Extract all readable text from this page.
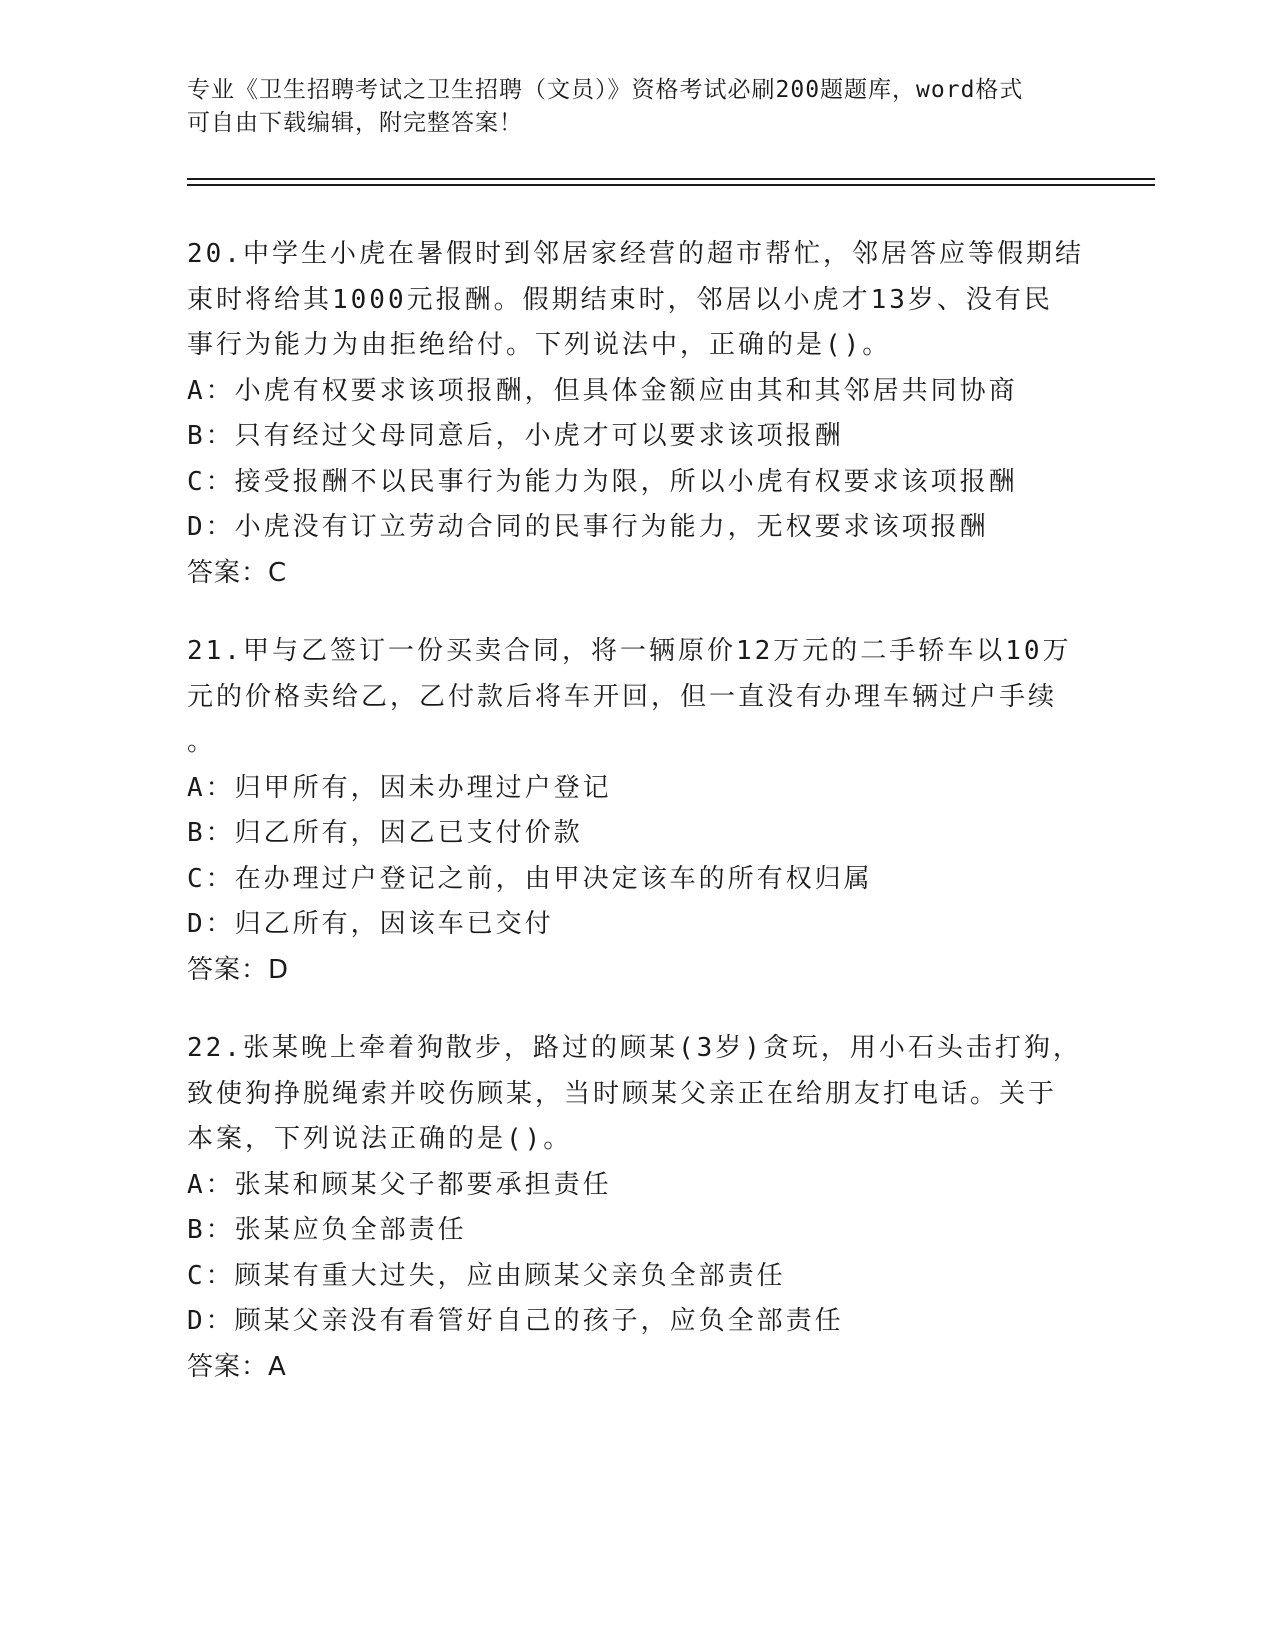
专业《卫生招聘考试之卫生招聘（文员）》资格考试必刷200题题库，word格式
可自由下载编辑，附完整答案！
20.中学生小虎在暑假时到邻居家经营的超市帮忙，邻居答应等假期结
束时将给其1000元报酬。假期结束时，邻居以小虎才13岁、没有民
事行为能力为由拒绝给付。下列说法中，正确的是()。
A：小虎有权要求该项报酬，但具体金额应由其和其邻居共同协商
B：只有经过父母同意后，小虎才可以要求该项报酬
C：接受报酬不以民事行为能力为限，所以小虎有权要求该项报酬
D：小虎没有订立劳动合同的民事行为能力，无权要求该项报酬
答案：C
21.甲与乙签订一份买卖合同，将一辆原价12万元的二手轿车以10万
元的价格卖给乙，乙付款后将车开回，但一直没有办理车辆过户手续
。
A：归甲所有，因未办理过户登记
B：归乙所有，因乙已支付价款
C：在办理过户登记之前，由甲决定该车的所有权归属
D：归乙所有，因该车已交付
答案：D
22.张某晚上牵着狗散步，路过的顾某(3岁)贪玩，用小石头击打狗，
致使狗挣脱绳索并咬伤顾某，当时顾某父亲正在给朋友打电话。关于
本案，下列说法正确的是()。
A：张某和顾某父子都要承担责任
B：张某应负全部责任
C：顾某有重大过失，应由顾某父亲负全部责任
D：顾某父亲没有看管好自己的孩子，应负全部责任
答案：A
